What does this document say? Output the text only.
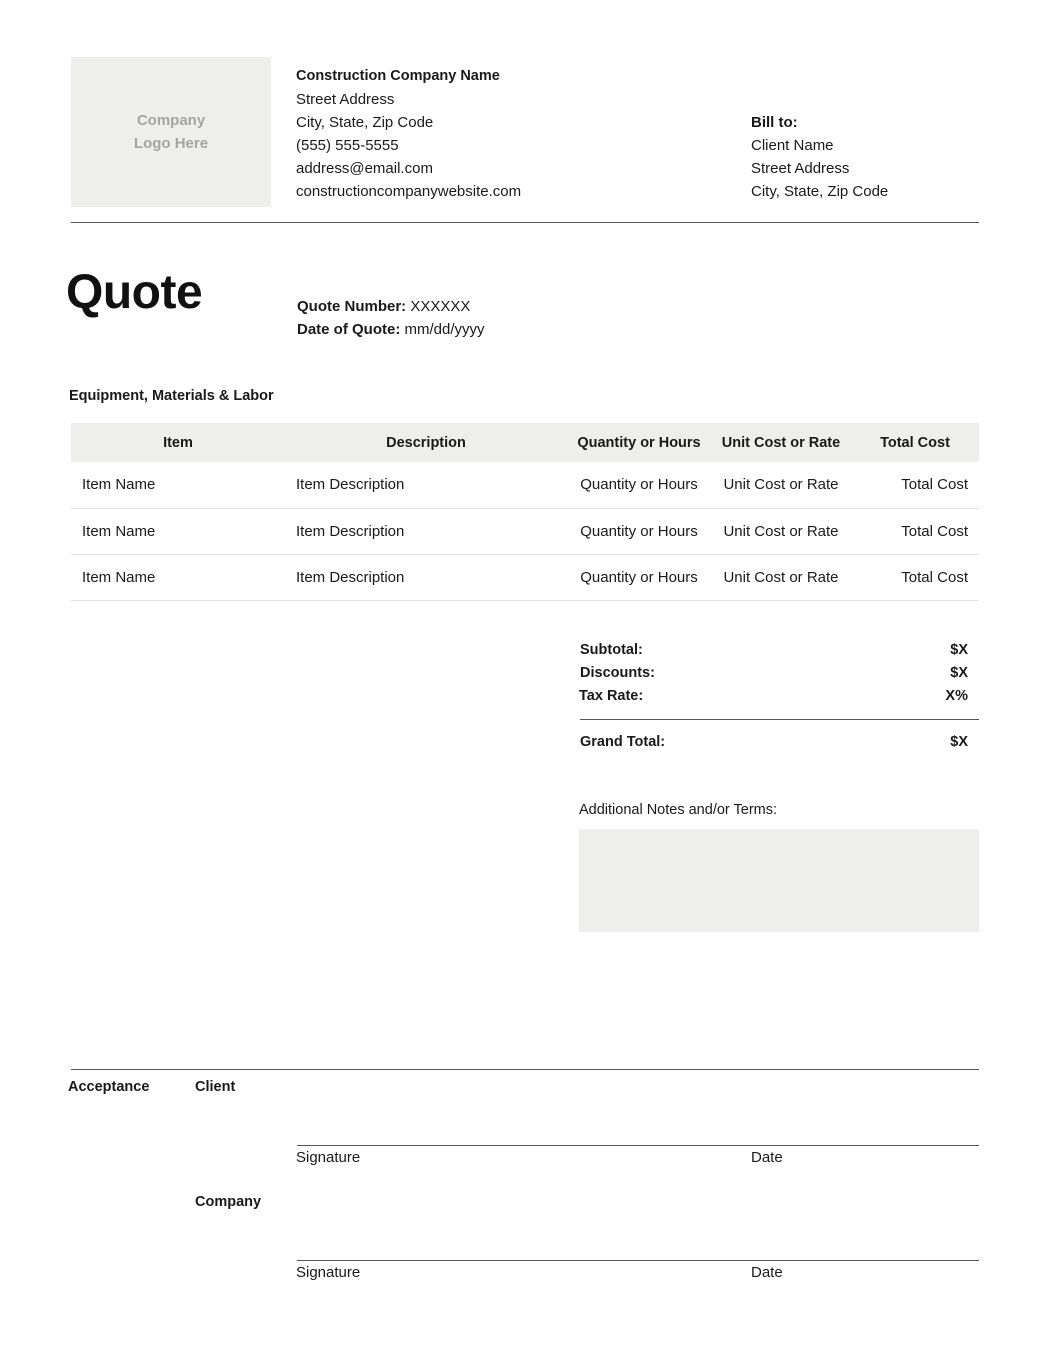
Company
Logo Here
Construction Company Name
Street Address
City, State, Zip Code
(555) 555-5555
address@email.com
constructioncompanywebsite.com
Bill to:
Client Name
Street Address
City, State, Zip Code
Quote	Quote Number: XXXXXX
Date of Quote: mm/dd/yyyy
Equipment, Materials & Labor
Item	Description	Quantity or Hours	Unit Cost or Rate	Total Cost
Item Name	Item Description	Quantity or Hours	Unit Cost or Rate	Total Cost
Item Name	Item Description	Quantity or Hours	Unit Cost or Rate	Total Cost
Item Name	Item Description	Quantity or Hours	Unit Cost or Rate	Total Cost
Subtotal:	$X
Discounts:	$X
Tax Rate:	X%
Grand Total:	$X
Additional Notes and/or Terms:
Acceptance	Client
Signature	Date
Company
Signature	Date
